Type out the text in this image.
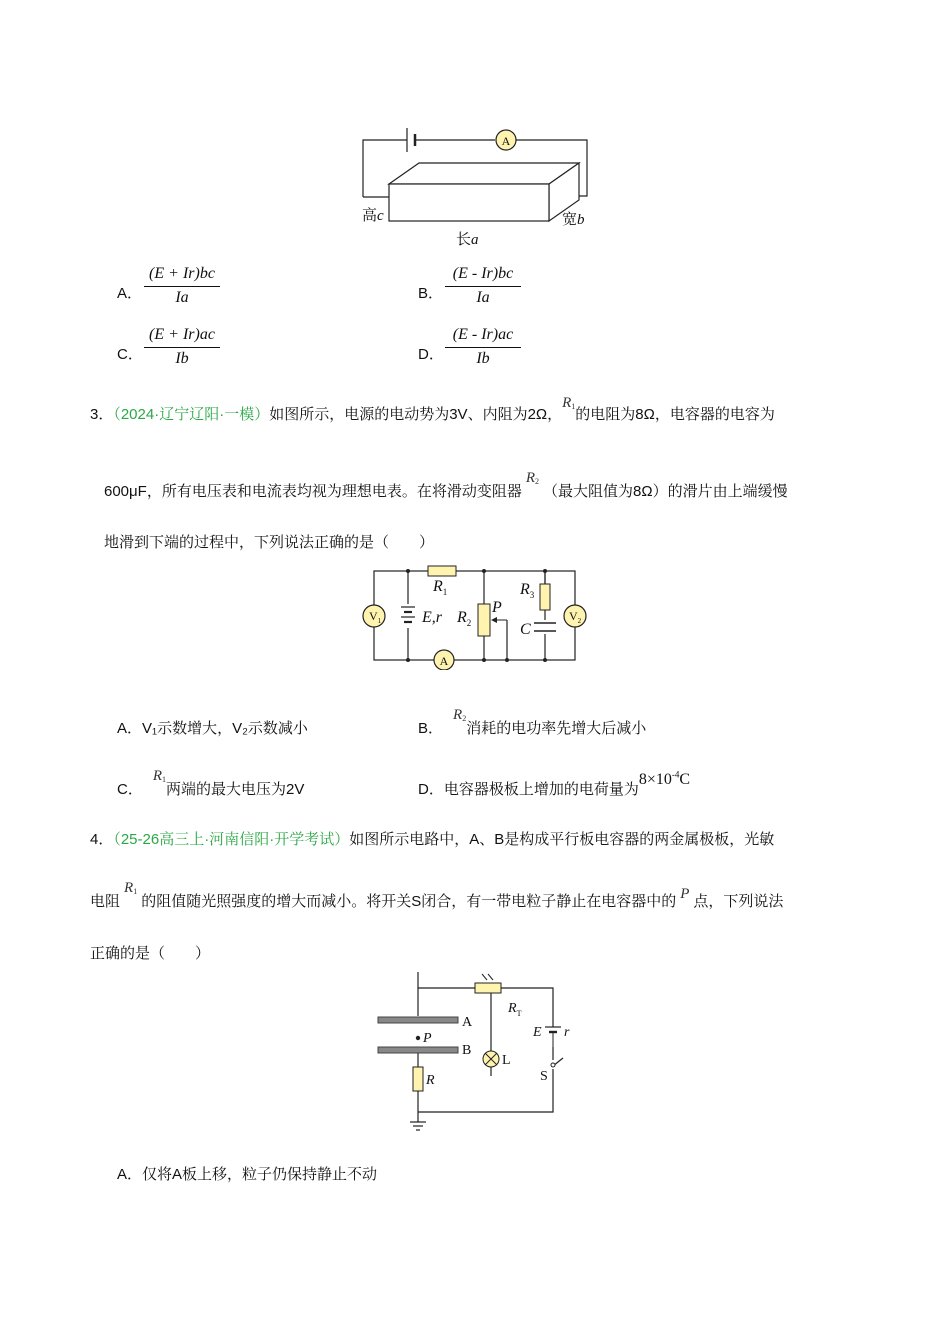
A
高c
长a
宽b
A．
(E + Ir)bc
Ia	B．
(E - Ir)bc
Ia
C．
(E + Ir)ac
Ib	D．
(E - Ir)ac
Ib
3．（2024·辽宁辽阳·一模）如图所示，电源的电动势为3V、内阻为2Ω，$R_1$的电阻为8Ω，电容器的电容为
600μF，所有电压表和电流表均视为理想电表。在将滑动变阻器$R_2$（最大阻值为8Ω）的滑片由上端缓慢
地滑到下端的过程中，下列说法正确的是（　　）
$V_1$	$V_2$
A
$R_1$
E,r $R_2$
P
$R_3$
C
A．V₁示数增大，V₂示数减小	B．$R_2$消耗的电功率先增大后减小
C．$R_1$两端的最大电压为2V	D．电容器极板上增加的电荷量为$8\times 10^{-4}C$
4．（25-26高三上·河南信阳·开学考试）如图所示电路中，A、B是构成平行板电容器的两金属极板，光敏
电阻$R_1$的阻值随光照强度的增大而减小。将开关S闭合，有一带电粒子静止在电容器中的 P 点，下列说法
正确的是（　　）
A
B
P
R
$R_T$
L
E r
S
A．仅将A板上移，粒子仍保持静止不动
